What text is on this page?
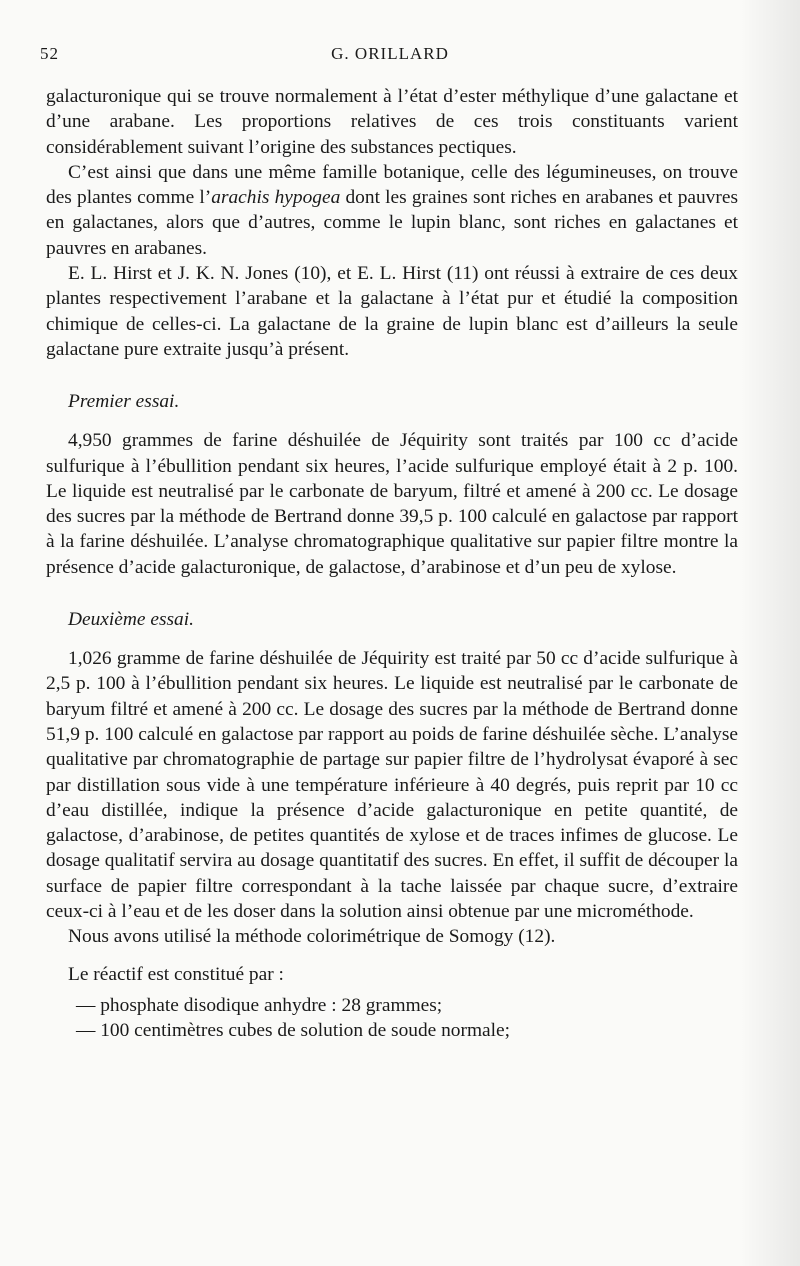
52	G. ORILLARD

galacturonique qui se trouve normalement à l’état d’ester méthylique d’une galactane et d’une arabane. Les proportions relatives de ces trois constituants varient considérablement suivant l’origine des substances pectiques.

C’est ainsi que dans une même famille botanique, celle des légumineuses, on trouve des plantes comme l’arachis hypogea dont les graines sont riches en arabanes et pauvres en galactanes, alors que d’autres, comme le lupin blanc, sont riches en galactanes et pauvres en arabanes.

E. L. Hirst et J. K. N. Jones (10), et E. L. Hirst (11) ont réussi à extraire de ces deux plantes respectivement l’arabane et la galactane à l’état pur et étudié la composition chimique de celles-ci. La galactane de la graine de lupin blanc est d’ailleurs la seule galactane pure extraite jusqu’à présent.

Premier essai.

4,950 grammes de farine déshuilée de Jéquirity sont traités par 100 cc d’acide sulfurique à l’ébullition pendant six heures, l’acide sulfurique employé était à 2 p. 100. Le liquide est neutralisé par le carbonate de baryum, filtré et amené à 200 cc. Le dosage des sucres par la méthode de Bertrand donne 39,5 p. 100 calculé en galactose par rapport à la farine déshuilée. L’analyse chromatographique qualitative sur papier filtre montre la présence d’acide galacturonique, de galactose, d’arabinose et d’un peu de xylose.

Deuxième essai.

1,026 gramme de farine déshuilée de Jéquirity est traité par 50 cc d’acide sulfurique à 2,5 p. 100 à l’ébullition pendant six heures. Le liquide est neutralisé par le carbonate de baryum filtré et amené à 200 cc. Le dosage des sucres par la méthode de Bertrand donne 51,9 p. 100 calculé en galactose par rapport au poids de farine déshuilée sèche. L’analyse qualitative par chromatographie de partage sur papier filtre de l’hydrolysat évaporé à sec par distillation sous vide à une température inférieure à 40 degrés, puis reprit par 10 cc d’eau distillée, indique la présence d’acide galacturonique en petite quantité, de galactose, d’arabinose, de petites quantités de xylose et de traces infimes de glucose. Le dosage qualitatif servira au dosage quantitatif des sucres. En effet, il suffit de découper la surface de papier filtre correspondant à la tache laissée par chaque sucre, d’extraire ceux-ci à l’eau et de les doser dans la solution ainsi obtenue par une microméthode.

Nous avons utilisé la méthode colorimétrique de Somogy (12).

Le réactif est constitué par :

— phosphate disodique anhydre : 28 grammes;

— 100 centimètres cubes de solution de soude normale;
